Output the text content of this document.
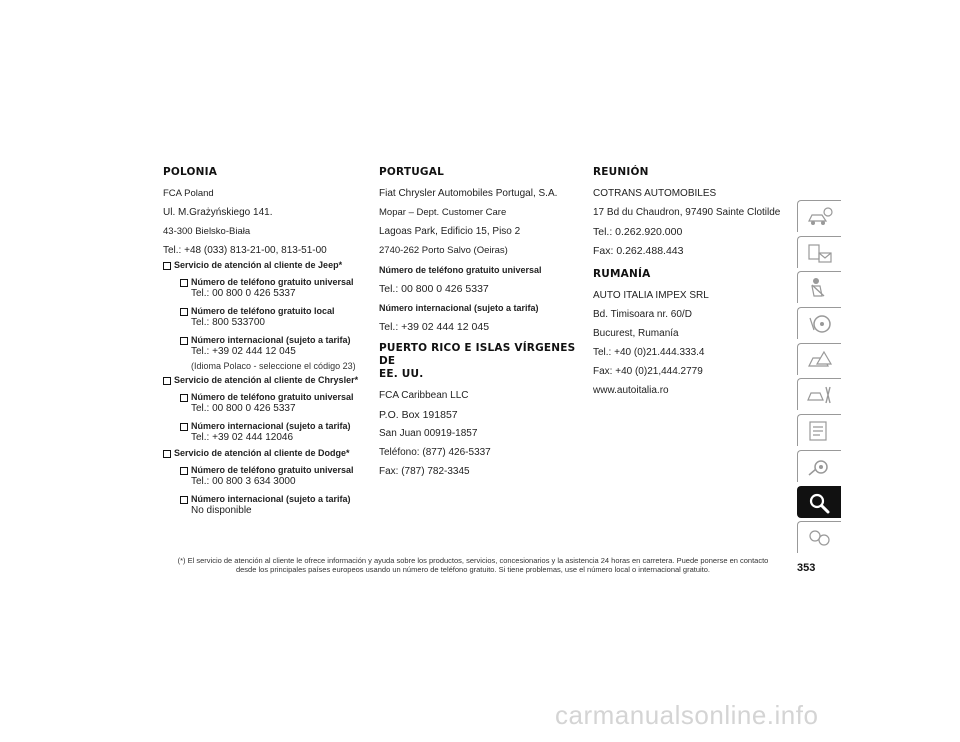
POLONIA
FCA Poland
Ul. M.Grażyńskiego 141.
43-300 Bielsko-Biała
Tel.: +48 (033) 813-21-00, 813-51-00
Servicio de atención al cliente de Jeep*
Número de teléfono gratuito universal
Tel.: 00 800 0 426 5337
Número de teléfono gratuito local
Tel.: 800 533700
Número internacional (sujeto a tarifa)
Tel.: +39 02 444 12 045
(Idioma Polaco - seleccione el código 23)
Servicio de atención al cliente de Chrysler*
Número de teléfono gratuito universal
Tel.: 00 800 0 426 5337
Número internacional (sujeto a tarifa)
Tel.: +39 02 444 12046
Servicio de atención al cliente de Dodge*
Número de teléfono gratuito universal
Tel.: 00 800 3 634 3000
Número internacional (sujeto a tarifa)
No disponible
PORTUGAL
Fiat Chrysler Automobiles Portugal, S.A.
Mopar – Dept. Customer Care
Lagoas Park, Edificio 15, Piso 2
2740-262 Porto Salvo (Oeiras)
Número de teléfono gratuito universal
Tel.: 00 800 0 426 5337
Número internacional (sujeto a tarifa)
Tel.: +39 02 444 12 045
PUERTO RICO E ISLAS VÍRGENES DE
EE. UU.
FCA Caribbean LLC
P.O. Box 191857
San Juan 00919-1857
Teléfono: (877) 426-5337
Fax: (787) 782-3345
REUNIÓN
COTRANS AUTOMOBILES
17 Bd du Chaudron, 97490 Sainte Clotilde
Tel.: 0.262.920.000
Fax: 0.262.488.443
RUMANÍA
AUTO ITALIA IMPEX SRL
Bd. Timisoara nr. 60/D
Bucurest, Rumanía
Tel.: +40 (0)21.444.333.4
Fax: +40 (0)21,444.2779
www.autoitalia.ro
(*) El servicio de atención al cliente le ofrece información y ayuda sobre los productos, servicios, concesionarios y la asistencia 24 horas en carretera. Puede ponerse en contacto
desde los principales países europeos usando un número de teléfono gratuito. Si tiene problemas, use el número local o internacional gratuito.	353
carmanualsonline.info
